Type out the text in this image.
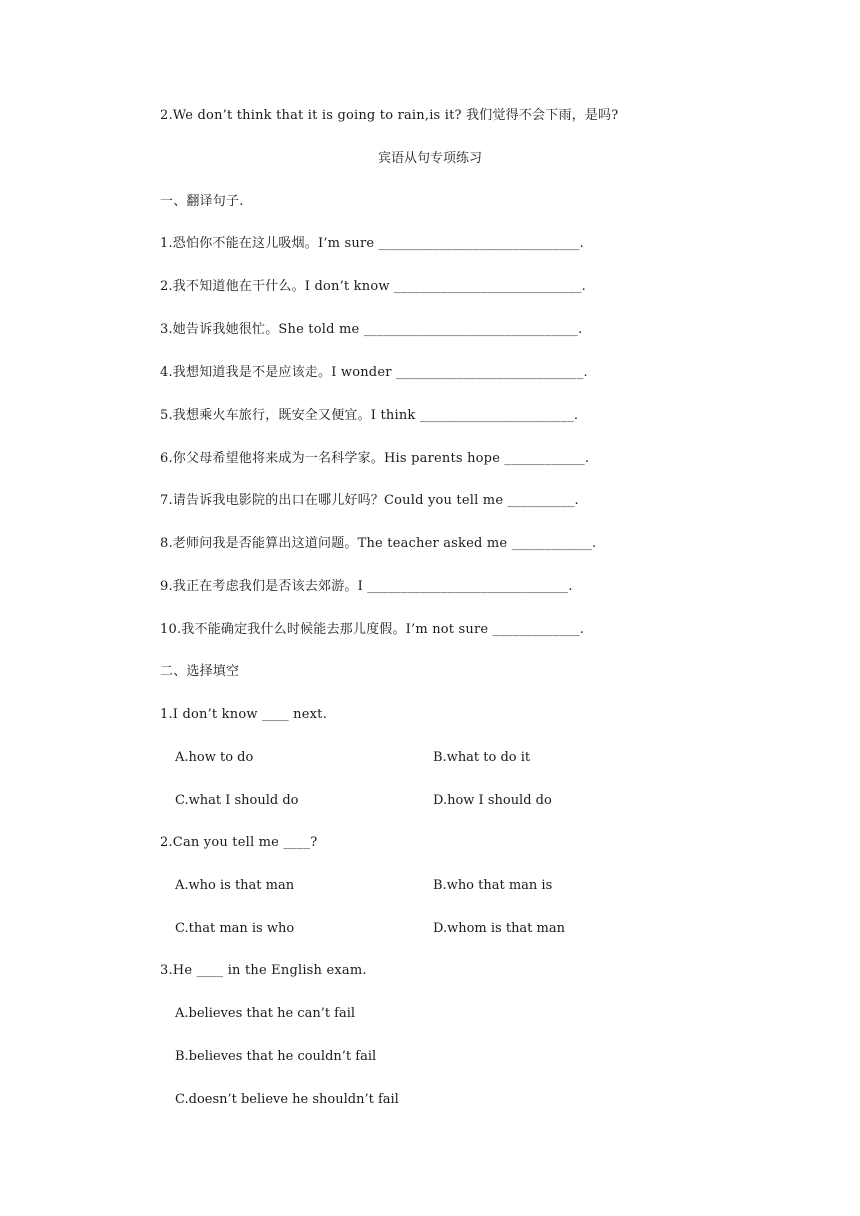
2.We don’t think that it is going to rain,is it? 我们觉得不会下雨，是吗?
宾语从句专项练习
一、翻译句子.
1.恐怕你不能在这儿吸烟。I’m sure ______________________________.
2.我不知道他在干什么。I don’t know ____________________________.
3.她告诉我她很忙。She told me ________________________________.
4.我想知道我是不是应该走。I wonder ____________________________.
5.我想乘火车旅行，既安全又便宜。I think _______________________.
6.你父母希望他将来成为一名科学家。His parents hope ____________.
7.请告诉我电影院的出口在哪儿好吗？Could you tell me __________.
8.老师问我是否能算出这道问题。The teacher asked me ____________.
9.我正在考虑我们是否该去郊游。I ______________________________.
10.我不能确定我什么时候能去那儿度假。I’m not sure _____________.
二、选择填空
1.I don’t know ____ next.
A.how to do	B.what to do it
C.what I should do	D.how I should do
2.Can you tell me ____?
A.who is that man	B.who that man is
C.that man is who	D.whom is that man
3.He ____ in the English exam.
A.believes that he can’t fail
B.believes that he couldn’t fail
C.doesn’t believe he shouldn’t fail
